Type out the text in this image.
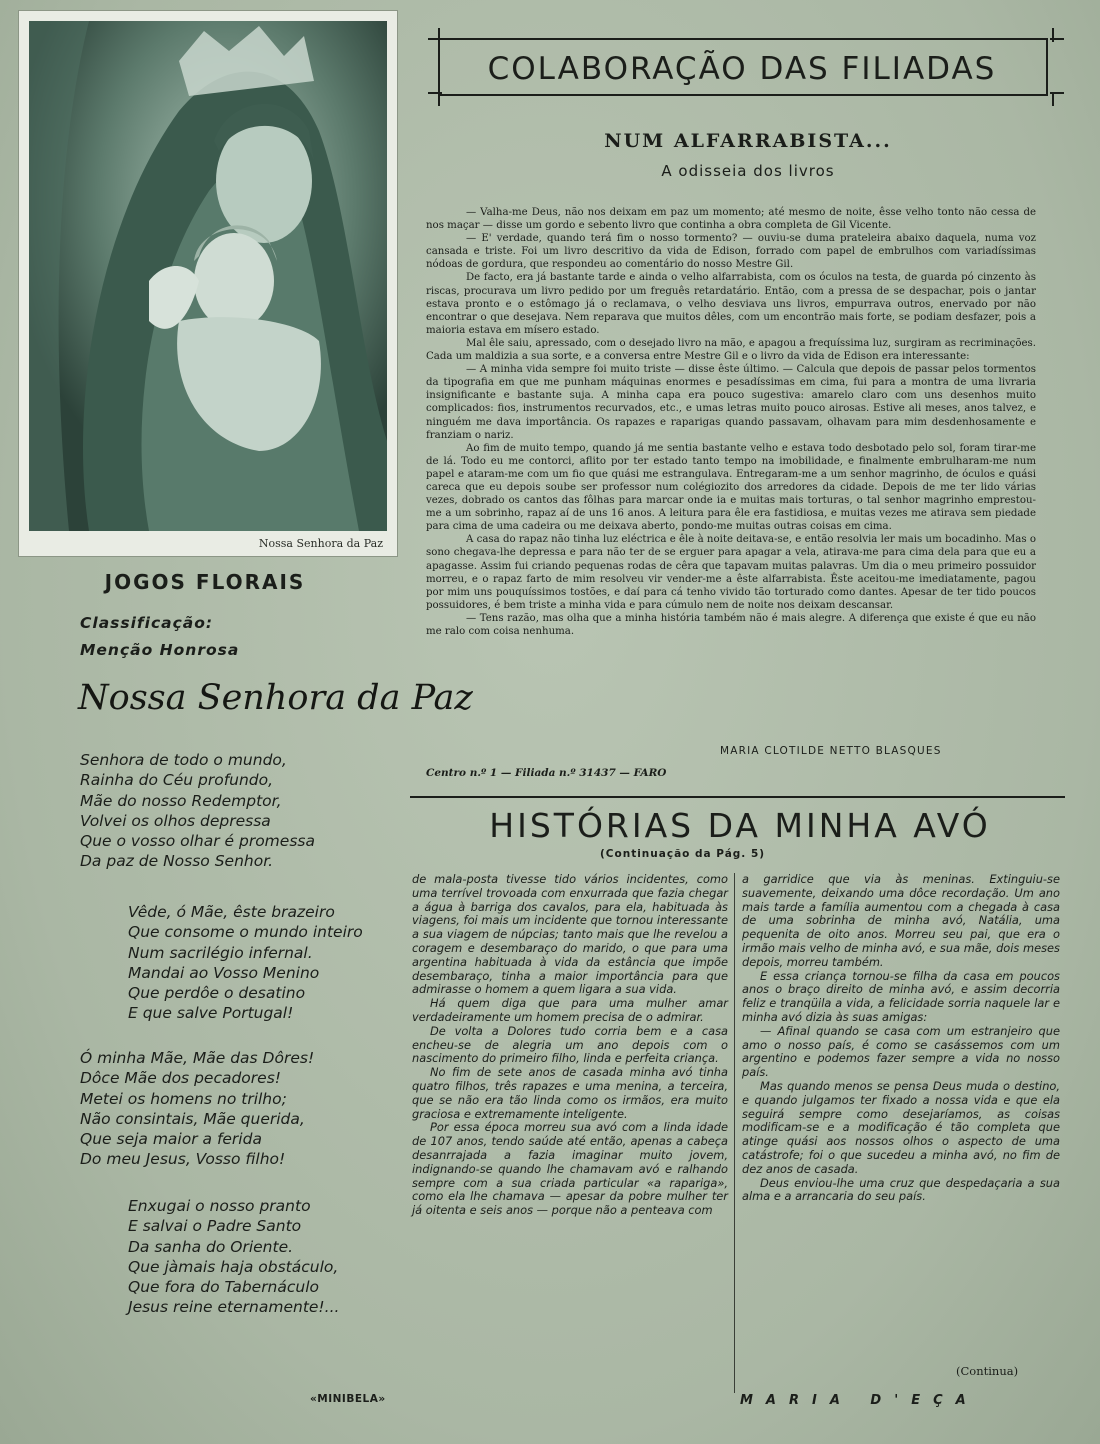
Nossa Senhora da Paz
JOGOS FLORAIS
Classificação:
Menção Honrosa
Nossa Senhora da Paz
Senhora de todo o mundo,
Rainha do Céu profundo,
Mãe do nosso Redemptor,
Volvei os olhos depressa
Que o vosso olhar é promessa
Da paz de Nosso Senhor.
Vêde, ó Mãe, êste brazeiro
Que consome o mundo inteiro
Num sacrilégio infernal.
Mandai ao Vosso Menino
Que perdôe o desatino
E que salve Portugal!
Ó minha Mãe, Mãe das Dôres!
Dôce Mãe dos pecadores!
Metei os homens no trilho;
Não consintais, Mãe querida,
Que seja maior a ferida
Do meu Jesus, Vosso filho!
Enxugai o nosso pranto
E salvai o Padre Santo
Da sanha do Oriente.
Que jàmais haja obstáculo,
Que fora do Tabernáculo
Jesus reine eternamente!...
«MINIBELA»
COLABORAÇÃO DAS FILIADAS
NUM ALFARRABISTA...
A odisseia dos livros

— Valha-me Deus, não nos deixam em paz um momento; até mesmo de noite, êsse velho tonto não cessa de nos maçar — disse um gordo e sebento livro que continha a obra completa de Gil Vicente.

— E' verdade, quando terá fim o nosso tormento? — ouviu-se duma prateleira abaixo daquela, numa voz cansada e triste. Foi um livro descritivo da vida de Edison, forrado com papel de embrulhos com variadíssimas nódoas de gordura, que respondeu ao comentário do nosso Mestre Gil.

De facto, era já bastante tarde e ainda o velho alfarrabista, com os óculos na testa, de guarda pó cinzento às riscas, procurava um livro pedido por um freguês retardatário. Então, com a pressa de se despachar, pois o jantar estava pronto e o estômago já o reclamava, o velho desviava uns livros, empurrava outros, enervado por não encontrar o que desejava. Nem reparava que muitos dêles, com um encontrão mais forte, se podiam desfazer, pois a maioria estava em mísero estado.

Mal êle saiu, apressado, com o desejado livro na mão, e apagou a frequíssima luz, surgiram as recriminações. Cada um maldizia a sua sorte, e a conversa entre Mestre Gil e o livro da vida de Edison era interessante:

— A minha vida sempre foi muito triste — disse êste último. — Calcula que depois de passar pelos tormentos da tipografia em que me punham máquinas enormes e pesadíssimas em cima, fui para a montra de uma livraria insignificante e bastante suja. A minha capa era pouco sugestiva: amarelo claro com uns desenhos muito complicados: fios, instrumentos recurvados, etc., e umas letras muito pouco airosas. Estive ali meses, anos talvez, e ninguém me dava importância. Os rapazes e raparigas quando passavam, olhavam para mim desdenhosamente e franziam o nariz.

Ao fim de muito tempo, quando já me sentia bastante velho e estava todo desbotado pelo sol, foram tirar-me de lá. Todo eu me contorci, aflito por ter estado tanto tempo na imobilidade, e finalmente embrulharam-me num papel e ataram-me com um fio que quási me estrangulava. Entregaram-me a um senhor magrinho, de óculos e quási careca que eu depois soube ser professor num colégiozito dos arredores da cidade. Depois de me ter lido várias vezes, dobrado os cantos das fôlhas para marcar onde ia e muitas mais torturas, o tal senhor magrinho emprestou-me a um sobrinho, rapaz aí de uns 16 anos. A leitura para êle era fastidiosa, e muitas vezes me atirava sem piedade para cima de uma cadeira ou me deixava aberto, pondo-me muitas outras coisas em cima.

A casa do rapaz não tinha luz eléctrica e êle à noite deitava-se, e então resolvia ler mais um bocadinho. Mas o sono chegava-lhe depressa e para não ter de se erguer para apagar a vela, atirava-me para cima dela para que eu a apagasse. Assim fui criando pequenas rodas de cêra que tapavam muitas palavras. Um dia o meu primeiro possuidor morreu, e o rapaz farto de mim resolveu vir vender-me a êste alfarrabista. Êste aceitou-me imediatamente, pagou por mim uns pouquíssimos tostões, e daí para cá tenho vivido tão torturado como dantes. Apesar de ter tido poucos possuidores, é bem triste a minha vida e para cúmulo nem de noite nos deixam descansar.

— Tens razão, mas olha que a minha história também não é mais alegre. A diferença que existe é que eu não me ralo com coisa nenhuma.

MARIA CLOTILDE NETTO BLASQUES
Centro n.º 1 — Filiada n.º 31437 — FARO
HISTÓRIAS DA MINHA AVÓ
(Continuação da Pág. 5)

de mala-posta tivesse tido vários incidentes, como uma terrível trovoada com enxurrada que fazia chegar a água à barriga dos cavalos, para ela, habituada às viagens, foi mais um incidente que tornou interessante a sua viagem de núpcias; tanto mais que lhe revelou a coragem e desembaraço do marido, o que para uma argentina habituada à vida da estância que impõe desembaraço, tinha a maior importância para que admirasse o homem a quem ligara a sua vida.

Há quem diga que para uma mulher amar verdadeiramente um homem precisa de o admirar.

De volta a Dolores tudo corria bem e a casa encheu-se de alegria um ano depois com o nascimento do primeiro filho, linda e perfeita criança.

No fim de sete anos de casada minha avó tinha quatro filhos, três rapazes e uma menina, a terceira, que se não era tão linda como os irmãos, era muito graciosa e extremamente inteligente.

Por essa época morreu sua avó com a linda idade de 107 anos, tendo saúde até então, apenas a cabeça desanrrajada a fazia imaginar muito jovem, indignando-se quando lhe chamavam avó e ralhando sempre com a sua criada particular «a rapariga», como ela lhe chamava — apesar da pobre mulher ter já oitenta e seis anos — porque não a penteava com

a garridice que via às meninas. Extinguiu-se suavemente, deixando uma dôce recordação. Um ano mais tarde a família aumentou com a chegada à casa de uma sobrinha de minha avó, Natália, uma pequenita de oito anos. Morreu seu pai, que era o irmão mais velho de minha avó, e sua mãe, dois meses depois, morreu também.

E essa criança tornou-se filha da casa em poucos anos o braço direito de minha avó, e assim decorria feliz e tranqüila a vida, a felicidade sorria naquele lar e minha avó dizia às suas amigas:

— Afinal quando se casa com um estranjeiro que amo o nosso país, é como se casássemos com um argentino e podemos fazer sempre a vida no nosso país.

Mas quando menos se pensa Deus muda o destino, e quando julgamos ter fixado a nossa vida e que ela seguirá sempre como desejaríamos, as coisas modificam-se e a modificação é tão completa que atinge quási aos nossos olhos o aspecto de uma catástrofe; foi o que sucedeu a minha avó, no fim de dez anos de casada.

Deus enviou-lhe uma cruz que despedaçaria a sua alma e a arrancaria do seu país.

(Continua)
MARIA D'EÇA
